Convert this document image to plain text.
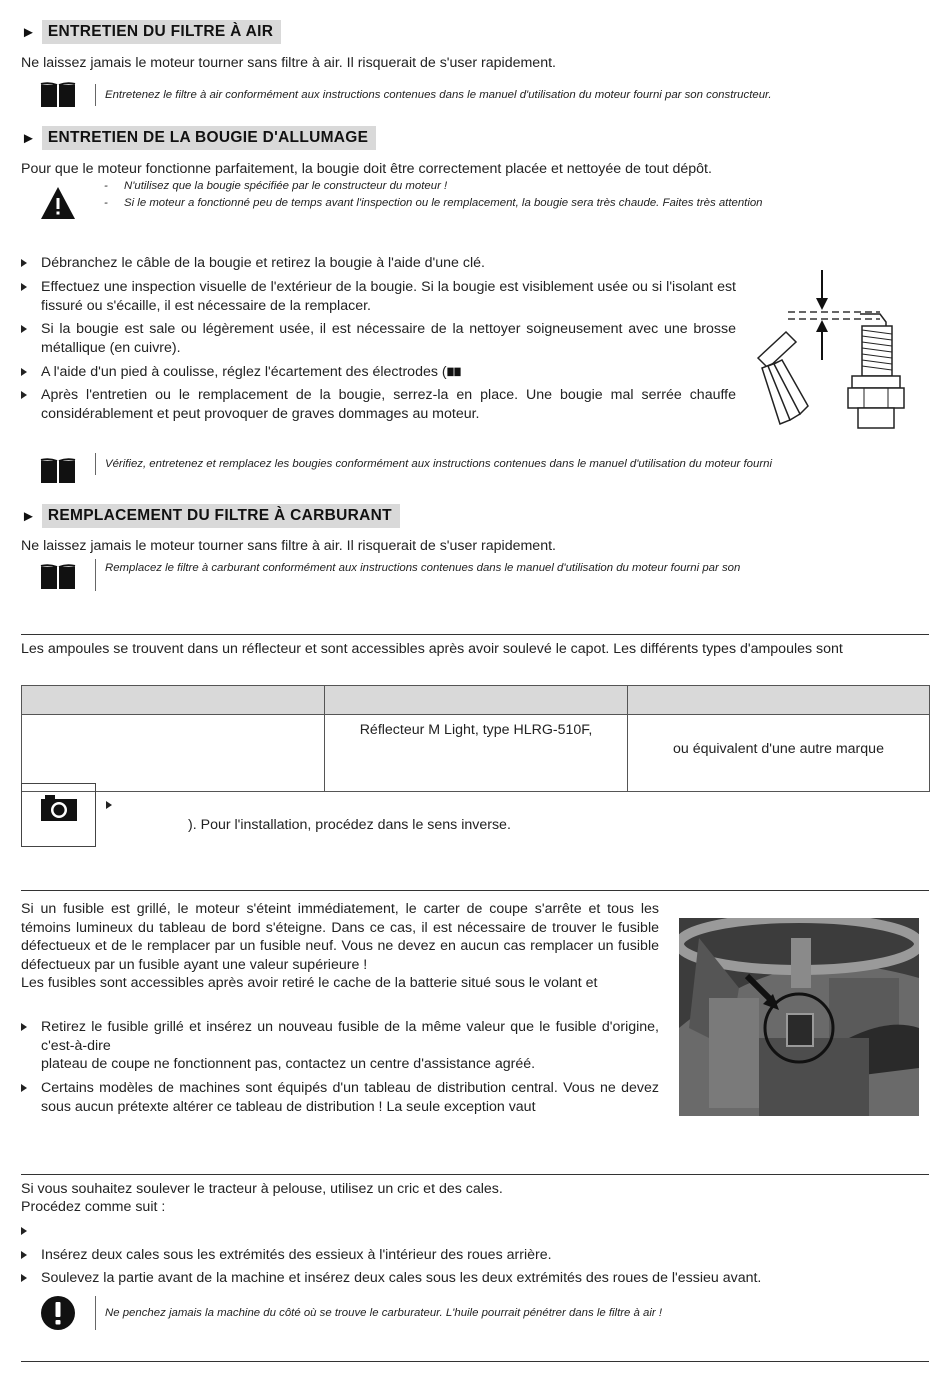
► ENTRETIEN DU FILTRE À AIR
Ne laissez jamais le moteur tourner sans filtre à air. Il risquerait de s'user rapidement.
Entretenez le filtre à air conformément aux instructions contenues dans le manuel d'utilisation du moteur fourni par son constructeur.
► ENTRETIEN DE LA BOUGIE D'ALLUMAGE
Pour que le moteur fonctionne parfaitement, la bougie doit être correctement placée et nettoyée de tout dépôt.
- N'utilisez que la bougie spécifiée par le constructeur du moteur !
- Si le moteur a fonctionné peu de temps avant l'inspection ou le remplacement, la bougie sera très chaude. Faites très attention
Débranchez le câble de la bougie et retirez la bougie à l'aide d'une clé.
Effectuez une inspection visuelle de l'extérieur de la bougie. Si la bougie est visiblement usée ou si l'isolant est fissuré ou s'écaille, il est nécessaire de la remplacer.
Si la bougie est sale ou légèrement usée, il est nécessaire de la nettoyer soigneusement avec une brosse métallique (en cuivre).
A l'aide d'un pied à coulisse, réglez l'écartement des électrodes (
Après l'entretien ou le remplacement de la bougie, serrez-la en place. Une bougie mal serrée chauffe considérablement et peut provoquer de graves dommages au moteur.
Vérifiez, entretenez et remplacez les bougies conformément aux instructions contenues dans le manuel d'utilisation du moteur fourni
► REMPLACEMENT DU FILTRE À CARBURANT
Ne laissez jamais le moteur tourner sans filtre à air. Il risquerait de s'user rapidement.
Remplacez le filtre à carburant conformément aux instructions contenues dans le manuel d'utilisation du moteur fourni par son
Les ampoules se trouvent dans un réflecteur et sont accessibles après avoir soulevé le capot. Les différents types d'ampoules sont

	Réflecteur M Light, type HLRG-510F,	ou équivalent d'une autre marque
). Pour l'installation, procédez dans le sens inverse.
Si un fusible est grillé, le moteur s'éteint immédiatement, le carter de coupe s'arrête et tous les témoins lumineux du tableau de bord s'éteigne. Dans ce cas, il est nécessaire de trouver le fusible défectueux et de le remplacer par un fusible neuf. Vous ne devez en aucun cas remplacer un fusible défectueux par un fusible ayant une valeur supérieure !
Les fusibles sont accessibles après avoir retiré le cache de la batterie situé sous le volant et
Retirez le fusible grillé et insérez un nouveau fusible de la même valeur que le fusible d'origine, c'est-à-dire
plateau de coupe ne fonctionnent pas, contactez un centre d'assistance agréé.
Certains modèles de machines sont équipés d'un tableau de distribution central. Vous ne devez sous aucun prétexte altérer ce tableau de distribution ! La seule exception vaut
Si vous souhaitez soulever le tracteur à pelouse, utilisez un cric et des cales.
Procédez comme suit :
Insérez deux cales sous les extrémités des essieux à l'intérieur des roues arrière.
Soulevez la partie avant de la machine et insérez deux cales sous les deux extrémités des roues de l'essieu avant.
Ne penchez jamais la machine du côté où se trouve le carburateur. L'huile pourrait pénétrer dans le filtre à air !
